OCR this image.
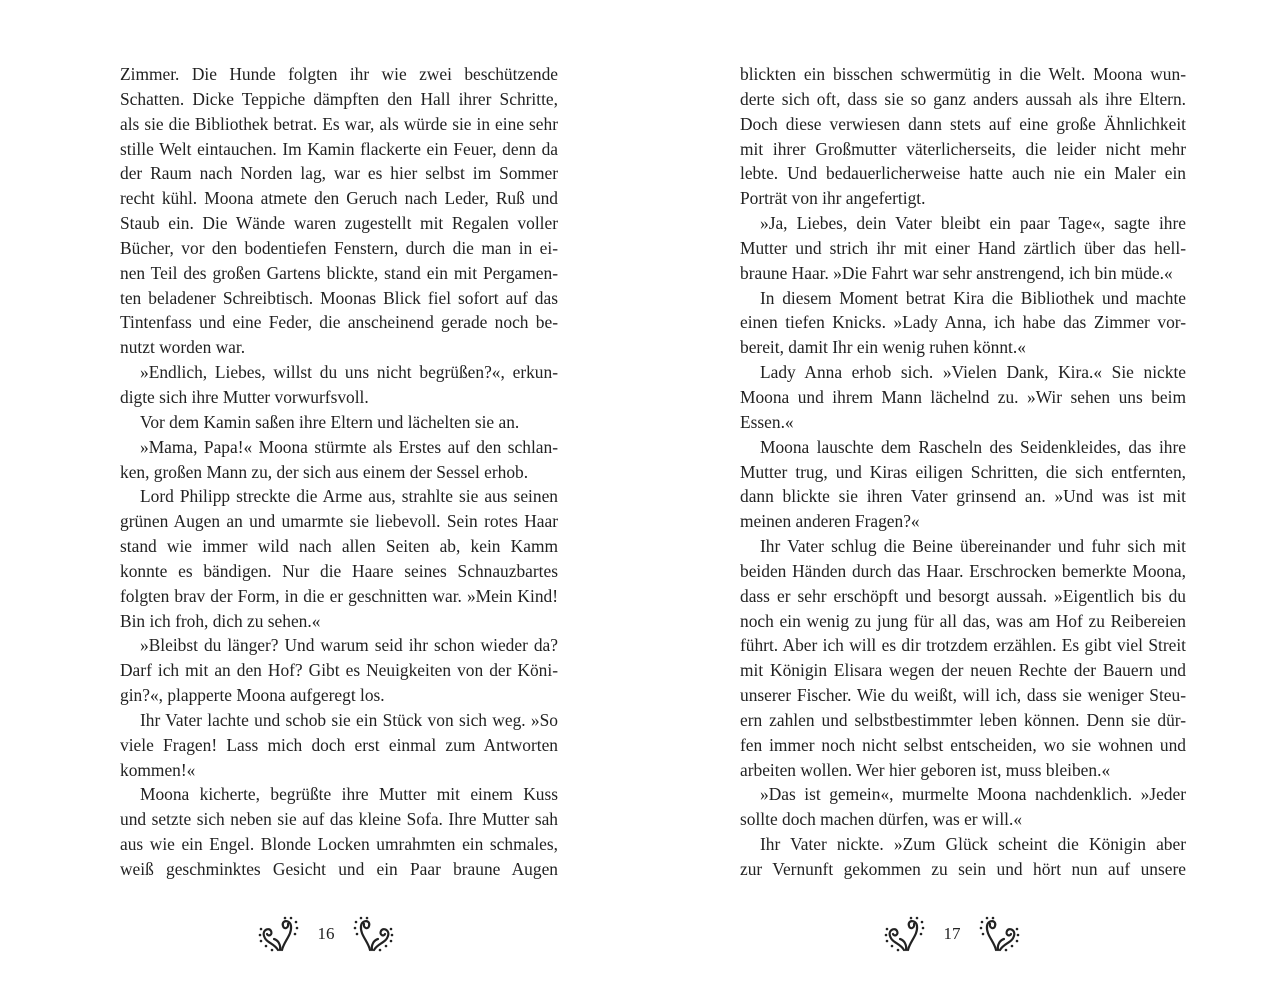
Zimmer. Die Hunde folgten ihr wie zwei beschützende
Schatten. Dicke Teppiche dämpften den Hall ihrer Schritte,
als sie die Bibliothek betrat. Es war, als würde sie in eine sehr
stille Welt eintauchen. Im Kamin flackerte ein Feuer, denn da
der Raum nach Norden lag, war es hier selbst im Sommer
recht kühl. Moona atmete den Geruch nach Leder, Ruß und
Staub ein. Die Wände waren zugestellt mit Regalen voller
Bücher, vor den bodentiefen Fenstern, durch die man in ei-
nen Teil des großen Gartens blickte, stand ein mit Pergamen-
ten beladener Schreibtisch. Moonas Blick fiel sofort auf das
Tintenfass und eine Feder, die anscheinend gerade noch be-
nutzt worden war.

»Endlich, Liebes, willst du uns nicht begrüßen?«, erkun-
digte sich ihre Mutter vorwurfsvoll.

Vor dem Kamin saßen ihre Eltern und lächelten sie an.

»Mama, Papa!« Moona stürmte als Erstes auf den schlan-
ken, großen Mann zu, der sich aus einem der Sessel erhob.

Lord Philipp streckte die Arme aus, strahlte sie aus seinen
grünen Augen an und umarmte sie liebevoll. Sein rotes Haar
stand wie immer wild nach allen Seiten ab, kein Kamm
konnte es bändigen. Nur die Haare seines Schnauzbartes
folgten brav der Form, in die er geschnitten war. »Mein Kind!
Bin ich froh, dich zu sehen.«

»Bleibst du länger? Und warum seid ihr schon wieder da?
Darf ich mit an den Hof? Gibt es Neuigkeiten von der Köni-
gin?«, plapperte Moona aufgeregt los.

Ihr Vater lachte und schob sie ein Stück von sich weg. »So
viele Fragen! Lass mich doch erst einmal zum Antworten
kommen!«

Moona kicherte, begrüßte ihre Mutter mit einem Kuss
und setzte sich neben sie auf das kleine Sofa. Ihre Mutter sah
aus wie ein Engel. Blonde Locken umrahmten ein schmales,
weiß geschminktes Gesicht und ein Paar braune Augen

blickten ein bisschen schwermütig in die Welt. Moona wun-
derte sich oft, dass sie so ganz anders aussah als ihre Eltern.
Doch diese verwiesen dann stets auf eine große Ähnlichkeit
mit ihrer Großmutter väterlicherseits, die leider nicht mehr
lebte. Und bedauerlicherweise hatte auch nie ein Maler ein
Porträt von ihr angefertigt.

»Ja, Liebes, dein Vater bleibt ein paar Tage«, sagte ihre
Mutter und strich ihr mit einer Hand zärtlich über das hell-
braune Haar. »Die Fahrt war sehr anstrengend, ich bin müde.«

In diesem Moment betrat Kira die Bibliothek und machte
einen tiefen Knicks. »Lady Anna, ich habe das Zimmer vor-
bereit, damit Ihr ein wenig ruhen könnt.«

Lady Anna erhob sich. »Vielen Dank, Kira.« Sie nickte
Moona und ihrem Mann lächelnd zu. »Wir sehen uns beim
Essen.«

Moona lauschte dem Rascheln des Seidenkleides, das ihre
Mutter trug, und Kiras eiligen Schritten, die sich entfernten,
dann blickte sie ihren Vater grinsend an. »Und was ist mit
meinen anderen Fragen?«

Ihr Vater schlug die Beine übereinander und fuhr sich mit
beiden Händen durch das Haar. Erschrocken bemerkte Moona,
dass er sehr erschöpft und besorgt aussah. »Eigentlich bis du
noch ein wenig zu jung für all das, was am Hof zu Reibereien
führt. Aber ich will es dir trotzdem erzählen. Es gibt viel Streit
mit Königin Elisara wegen der neuen Rechte der Bauern und
unserer Fischer. Wie du weißt, will ich, dass sie weniger Steu-
ern zahlen und selbstbestimmter leben können. Denn sie dür-
fen immer noch nicht selbst entscheiden, wo sie wohnen und
arbeiten wollen. Wer hier geboren ist, muss bleiben.«

»Das ist gemein«, murmelte Moona nachdenklich. »Jeder
sollte doch machen dürfen, was er will.«

Ihr Vater nickte. »Zum Glück scheint die Königin aber
zur Vernunft gekommen zu sein und hört nun auf unsere

16	17
